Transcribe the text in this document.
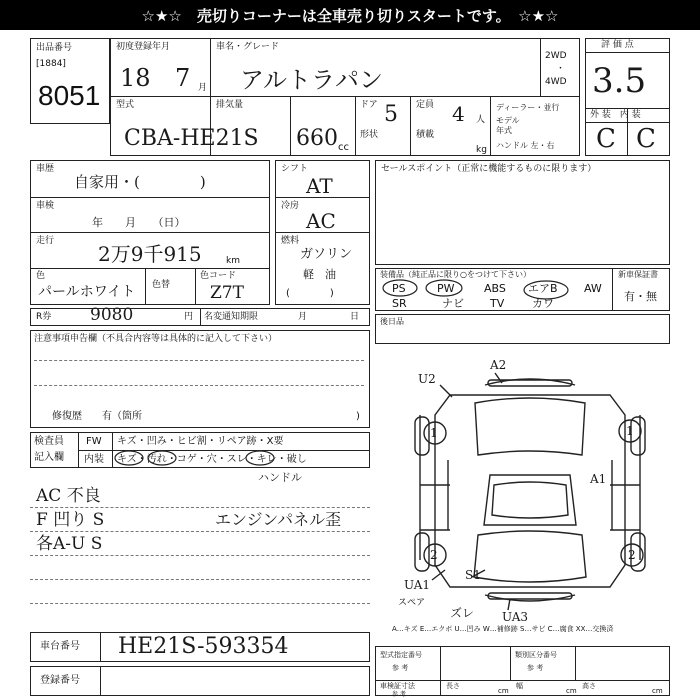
☆★☆　売切りコーナーは全車売り切りスタートです。　☆★☆
出品番号
[1884]
8051
初度登録年月
18 7 月
車名・グレード
アルトラパン
2WD
・
4WD
型式
CBA-HE21S
排気量
660 cc
ドア 5
形状
定員 4 人
積載
kg
ディーラー・並行
モデル
年式
ハンドル 左・右
評 価 点
3.5
外 装　内 装
C C
車歴
自家用・(　　　　)
車検
年　　月　　（日）
走行
2万9千915	km
色
パールホワイト 色替
色コード
Z7T
シフト
AT
冷房
AC
燃料
ガソリン
軽　油
(　　　　)
R券 9080	円 名変通知期限	月	日
注意事項申告欄（不具合内容等は具体的に記入して下さい）
修復歴　　有（箇所	)
セールスポイント（正常に機能するものに限ります）
装備品（純正品に限り○をつけて下さい）	新車保証書
有・無
PS	PW	ABS エアB AW
SR	ナビ TV	カワ
後日品
A2
U2
A1
UA1
S1
ズレ UA3
1	1
2	2
スペア
検査員
記入欄
FW キズ・凹み・ヒビ割・リペア跡・X要
内装 キズ・汚れ・コゲ・穴・スレ・キレ・破し
ハンドル
AC 不良
F 凹り S
各A-U S
エンジンパネル歪
A…キズ E…エクボ U…凹み W…補修跡 S…サビ C…腐食 XX…交換済
車台番号 HE21S-593354
登録番号
型式指定番号
参 考
類別区分番号
参 考
車検証寸法
参 考
長さ
cm
幅
cm
高さ
cm
